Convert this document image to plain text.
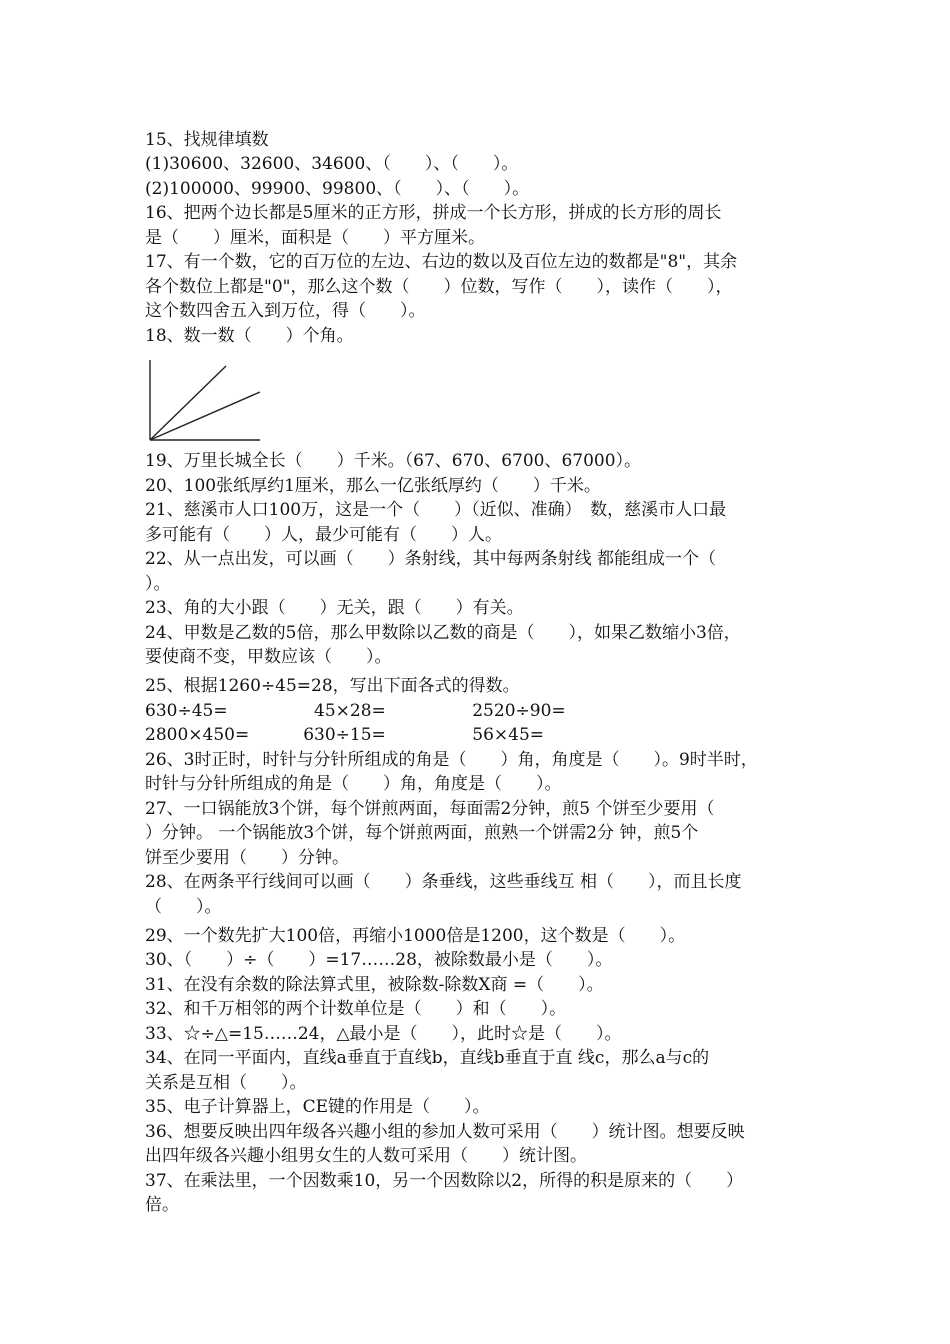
15、找规律填数
(1)30600、32600、34600、（　　）、（　　）。
(2)100000、99900、99800、（　　）、（　　）。
16、把两个边长都是5厘米的正方形，拼成一个长方形，拼成的长方形的周长
是（　　）厘米，面积是（　　）平方厘米。
17、有一个数，它的百万位的左边、右边的数以及百位左边的数都是"8"，其余
各个数位上都是"0"，那么这个数（　　）位数，写作（　　），读作（　　），
这个数四舍五入到万位，得（　　）。
18、数一数（　　）个角。
19、万里长城全长（　　）千米。（67、670、6700、67000）。
20、100张纸厚约1厘米，那么一亿张纸厚约（　　）千米。
21、慈溪市人口100万，这是一个（　　）（近似、准确）　数，慈溪市人口最
多可能有（　　）人，最少可能有（　　）人。
22、从一点出发，可以画（　　）条射线，其中每两条射线 都能组成一个（
）。
23、角的大小跟（　　）无关，跟（　　）有关。
24、甲数是乙数的5倍，那么甲数除以乙数的商是（　　），如果乙数缩小3倍，
要使商不变，甲数应该（　　）。
25、根据1260÷45=28，写出下面各式的得数。
630÷45=                45×28=                2520÷90=
2800×450=          630÷15=                56×45=
26、3时正时，时针与分针所组成的角是（　　）角，角度是（　　）。9时半时，
时针与分针所组成的角是（　　）角，角度是（　　）。
27、一口锅能放3个饼，每个饼煎两面，每面需2分钟，煎5 个饼至少要用（
）分钟。 一个锅能放3个饼，每个饼煎两面，煎熟一个饼需2分 钟，煎5个
饼至少要用（　　）分钟。
28、在两条平行线间可以画（　　）条垂线，这些垂线互 相（　　），而且长度
（　　）。
29、一个数先扩大100倍，再缩小1000倍是1200，这个数是（　　）。
30、（　　）÷（　　）=17……28，被除数最小是（　　）。
31、在没有余数的除法算式里，被除数-除数X商 =（　　）。
32、和千万相邻的两个计数单位是（　　）和（　　）。
33、☆÷△=15……24，△最小是（　　），此时☆是（　　）。
34、在同一平面内，直线a垂直于直线b，直线b垂直于直 线c，那么a与c的
关系是互相（　　）。
35、电子计算器上，CE键的作用是（　　）。
36、想要反映出四年级各兴趣小组的参加人数可采用（　　）统计图。想要反映
出四年级各兴趣小组男女生的人数可采用（　　）统计图。
37、在乘法里，一个因数乘10，另一个因数除以2，所得的积是原来的（　　）
倍。
